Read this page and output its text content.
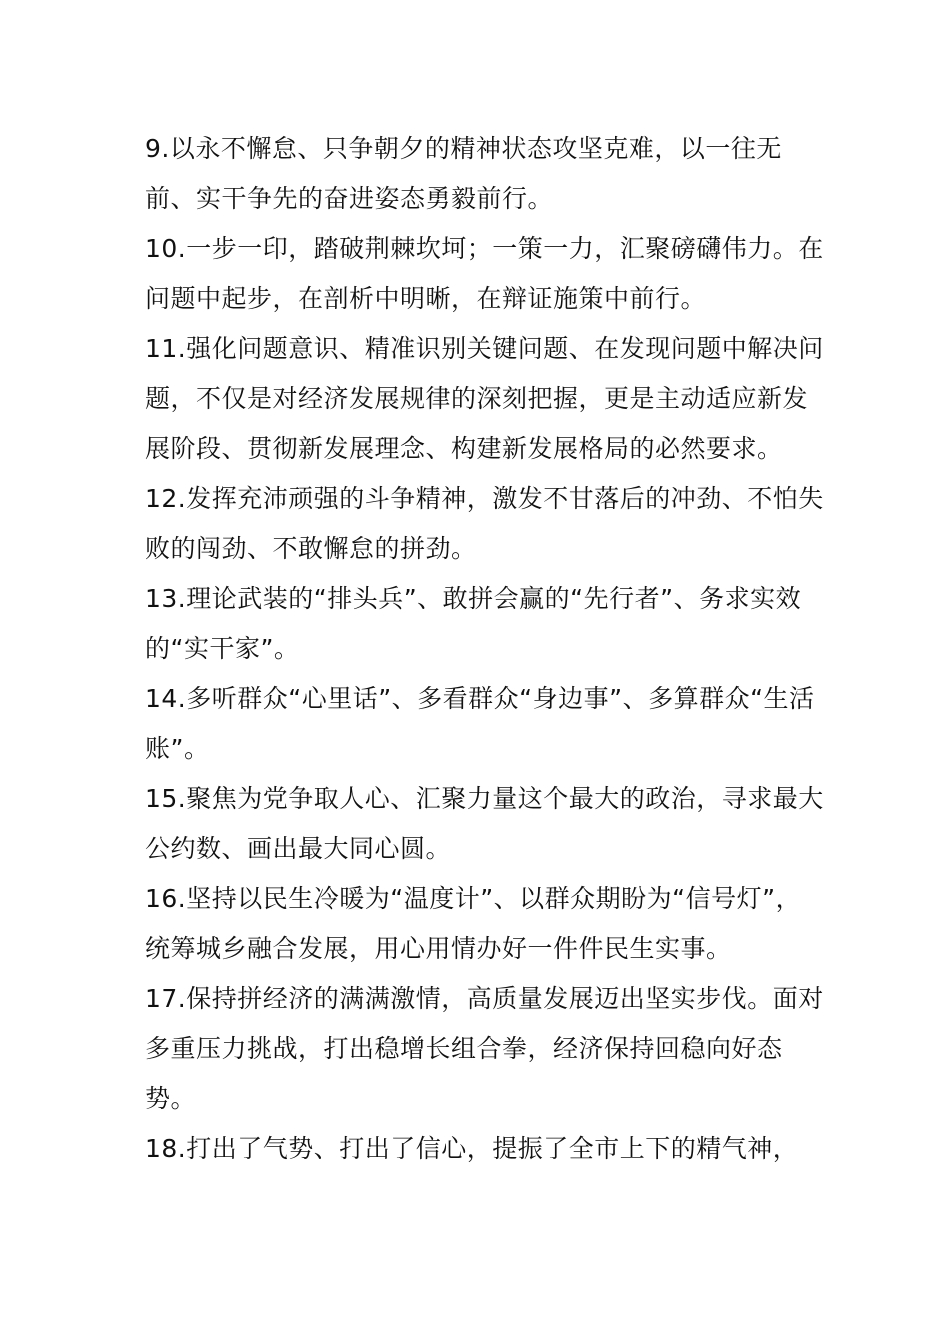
9.以永不懈怠、只争朝夕的精神状态攻坚克难，以一往无前、实干争先的奋进姿态勇毅前行。

10.一步一印，踏破荆棘坎坷；一策一力，汇聚磅礴伟力。在问题中起步，在剖析中明晰，在辩证施策中前行。

11.强化问题意识、精准识别关键问题、在发现问题中解决问题，不仅是对经济发展规律的深刻把握，更是主动适应新发展阶段、贯彻新发展理念、构建新发展格局的必然要求。

12.发挥充沛顽强的斗争精神，激发不甘落后的冲劲、不怕失败的闯劲、不敢懈怠的拼劲。

13.理论武装的“排头兵”、敢拼会赢的“先行者”、务求实效的“实干家”。

14.多听群众“心里话”、多看群众“身边事”、多算群众“生活账”。

15.聚焦为党争取人心、汇聚力量这个最大的政治，寻求最大公约数、画出最大同心圆。

16.坚持以民生冷暖为“温度计”、以群众期盼为“信号灯”，统筹城乡融合发展，用心用情办好一件件民生实事。

17.保持拼经济的满满激情，高质量发展迈出坚实步伐。面对多重压力挑战，打出稳增长组合拳，经济保持回稳向好态势。

18.打出了气势、打出了信心，提振了全市上下的精气神，
